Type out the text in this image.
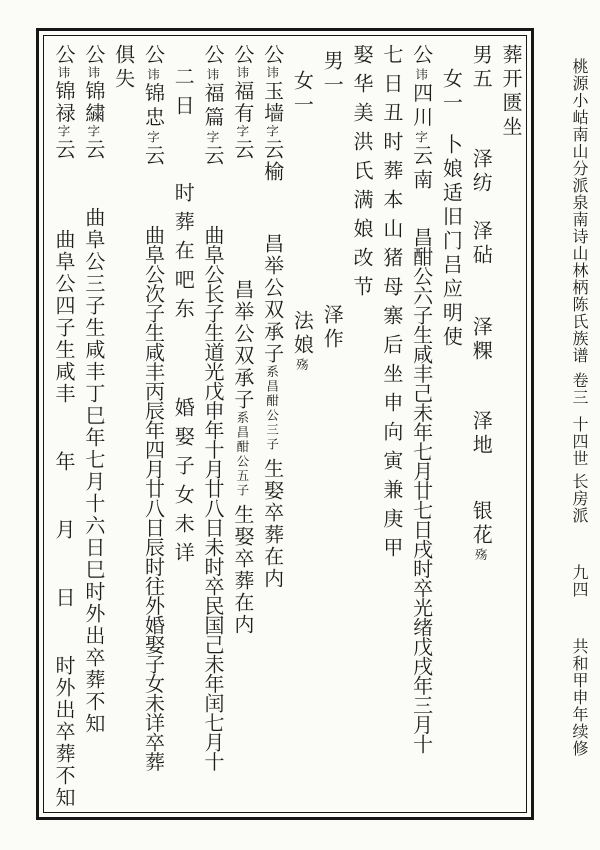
桃源小岵南山分派泉南诗山林柄陈氏族谱卷三十四世长房派九四共和甲申年续修
葬开匮坐
男五泽纺泽砧泽粿泽地银花殇
女一卜娘适旧门吕应明使
公讳四川字云南昌酣公六子生咸丰己未年七月廿七日戌时卒光绪戊戌年三月十
七日丑时葬本山猪母寨后坐申向寅兼庚甲
娶华美洪氏满娘改节
男一泽作
女一法娘殇
公讳玉墙字云榆昌举公双承子系昌酣公三子生娶卒葬在内
公讳福有字云昌举公双承子系昌酣公五子生娶卒葬在内
公讳福篇字云曲阜公长子生道光戊申年十月廿八日未时卒民国己未年闰七月十
二日时葬在吧东婚娶子女未详
公讳锦忠字云曲阜公次子生咸丰丙辰年四月廿八日辰时往外婚娶子女未详卒葬
俱失
公讳锦繍字云曲阜公三子生咸丰丁巳年七月十六日巳时外出卒葬不知
公讳锦禄字云曲阜公四子生咸丰年月日时外出卒葬不知
